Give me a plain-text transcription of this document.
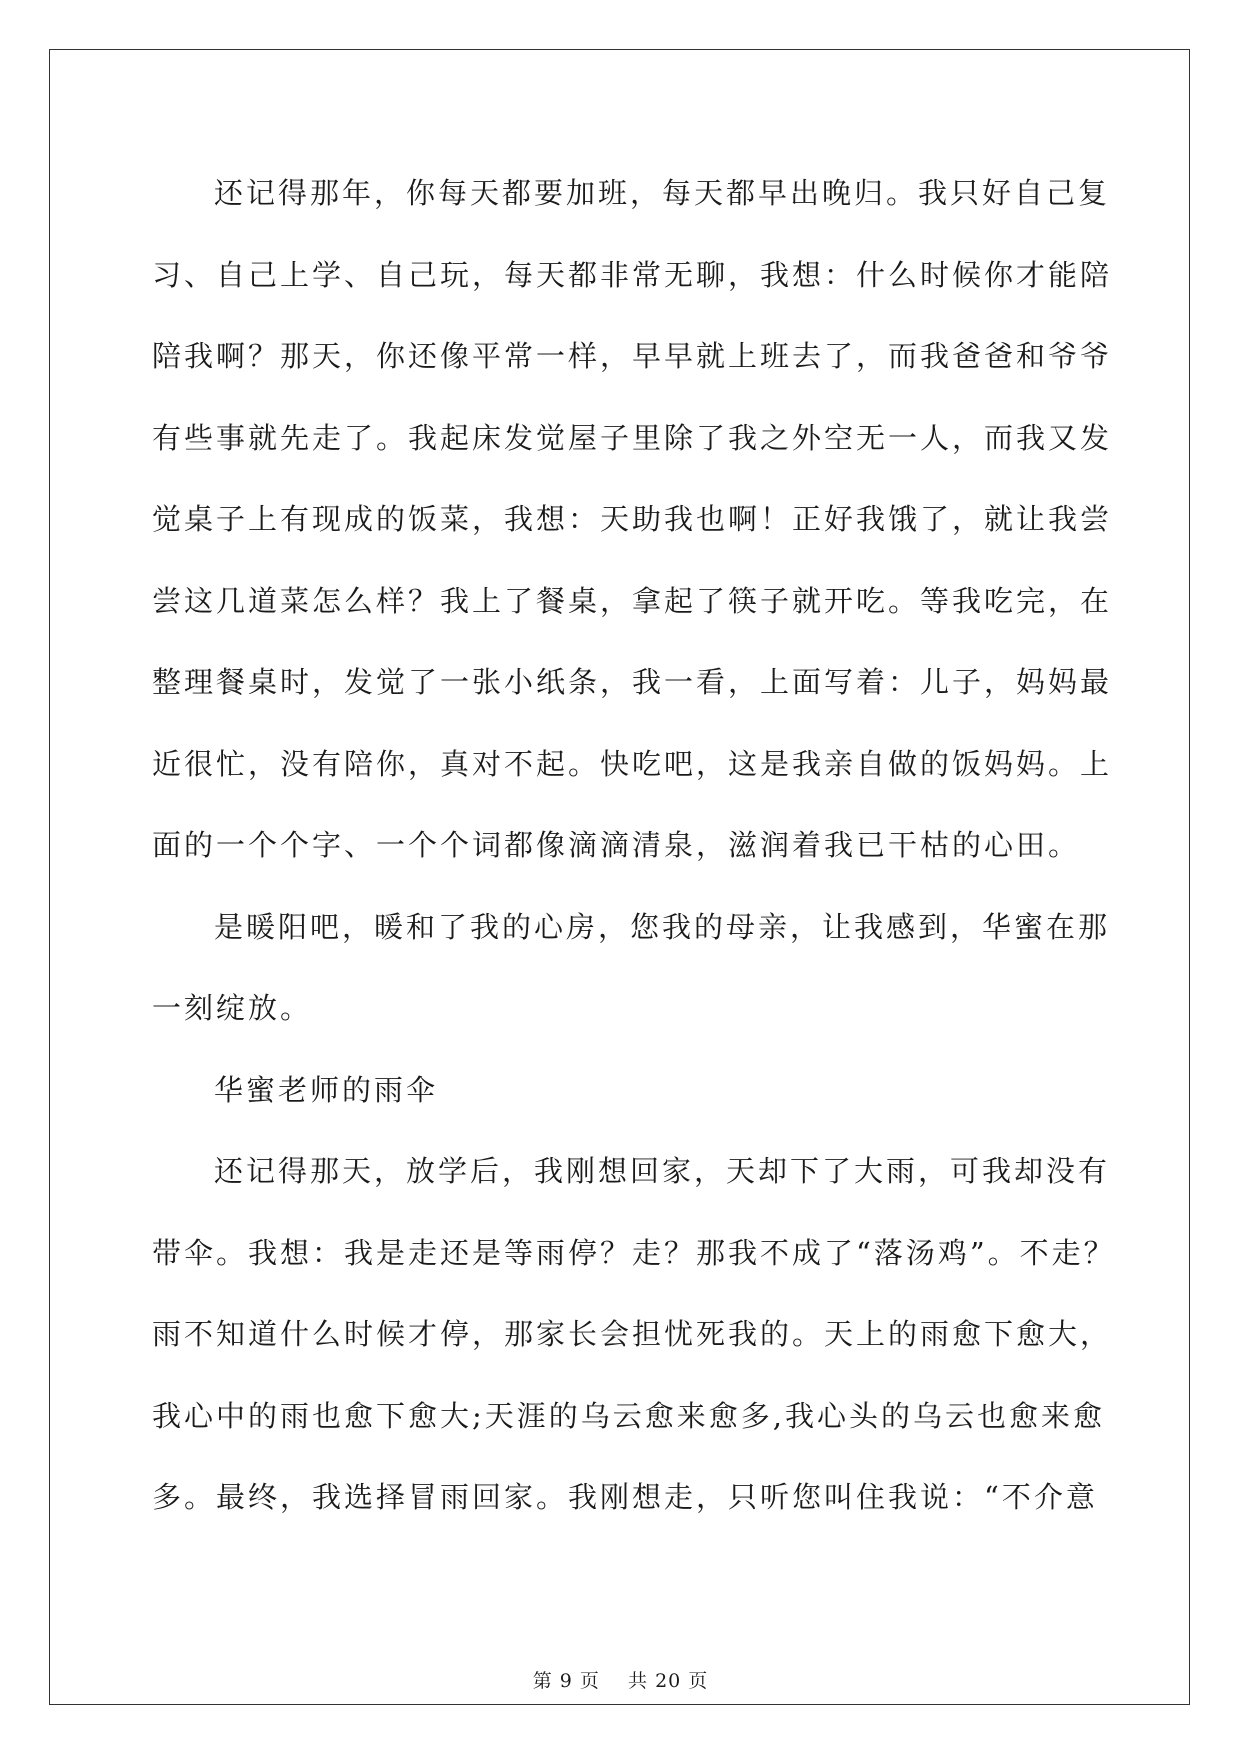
还记得那年，你每天都要加班，每天都早出晚归。我只好自己复
习、自己上学、自己玩，每天都非常无聊，我想：什么时候你才能陪
陪我啊？那天，你还像平常一样，早早就上班去了，而我爸爸和爷爷
有些事就先走了。我起床发觉屋子里除了我之外空无一人，而我又发
觉桌子上有现成的饭菜，我想：天助我也啊！正好我饿了，就让我尝
尝这几道菜怎么样？我上了餐桌，拿起了筷子就开吃。等我吃完，在
整理餐桌时，发觉了一张小纸条，我一看，上面写着：儿子，妈妈最
近很忙，没有陪你，真对不起。快吃吧，这是我亲自做的饭妈妈。上
面的一个个字、一个个词都像滴滴清泉，滋润着我已干枯的心田。
是暖阳吧，暖和了我的心房，您我的母亲，让我感到，华蜜在那
一刻绽放。
华蜜老师的雨伞
还记得那天，放学后，我刚想回家，天却下了大雨，可我却没有
带伞。我想：我是走还是等雨停？走？那我不成了“落汤鸡”。不走？
雨不知道什么时候才停，那家长会担忧死我的。天上的雨愈下愈大，
我心中的雨也愈下愈大;天涯的乌云愈来愈多,我心头的乌云也愈来愈
多。最终，我选择冒雨回家。我刚想走，只听您叫住我说：“不介意
第 9 页 共 20 页
